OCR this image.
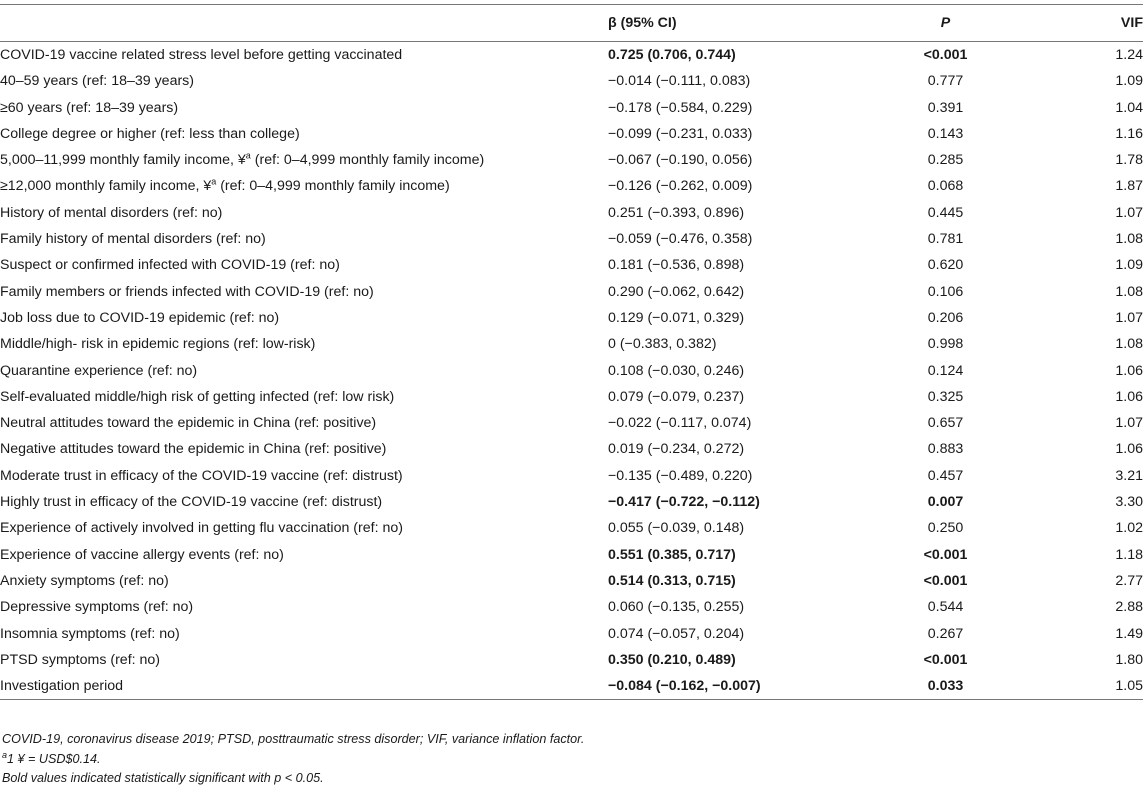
	β (95% CI)	P	VIF
COVID-19 vaccine related stress level before getting vaccinated	0.725 (0.706, 0.744)	<0.001	1.24
40–59 years (ref: 18–39 years)	−0.014 (−0.111, 0.083)	0.777	1.09
≥60 years (ref: 18–39 years)	−0.178 (−0.584, 0.229)	0.391	1.04
College degree or higher (ref: less than college)	−0.099 (−0.231, 0.033)	0.143	1.16
5,000–11,999 monthly family income, ¥$^a$ (ref: 0–4,999 monthly family income)	−0.067 (−0.190, 0.056)	0.285	1.78
≥12,000 monthly family income, ¥$^a$ (ref: 0–4,999 monthly family income)	−0.126 (−0.262, 0.009)	0.068	1.87
History of mental disorders (ref: no)	0.251 (−0.393, 0.896)	0.445	1.07
Family history of mental disorders (ref: no)	−0.059 (−0.476, 0.358)	0.781	1.08
Suspect or confirmed infected with COVID-19 (ref: no)	0.181 (−0.536, 0.898)	0.620	1.09
Family members or friends infected with COVID-19 (ref: no)	0.290 (−0.062, 0.642)	0.106	1.08
Job loss due to COVID-19 epidemic (ref: no)	0.129 (−0.071, 0.329)	0.206	1.07
Middle/high- risk in epidemic regions (ref: low-risk)	0 (−0.383, 0.382)	0.998	1.08
Quarantine experience (ref: no)	0.108 (−0.030, 0.246)	0.124	1.06
Self-evaluated middle/high risk of getting infected (ref: low risk)	0.079 (−0.079, 0.237)	0.325	1.06
Neutral attitudes toward the epidemic in China (ref: positive)	−0.022 (−0.117, 0.074)	0.657	1.07
Negative attitudes toward the epidemic in China (ref: positive)	0.019 (−0.234, 0.272)	0.883	1.06
Moderate trust in efficacy of the COVID-19 vaccine (ref: distrust)	−0.135 (−0.489, 0.220)	0.457	3.21
Highly trust in efficacy of the COVID-19 vaccine (ref: distrust)	−0.417 (−0.722, −0.112)	0.007	3.30
Experience of actively involved in getting flu vaccination (ref: no)	0.055 (−0.039, 0.148)	0.250	1.02
Experience of vaccine allergy events (ref: no)	0.551 (0.385, 0.717)	<0.001	1.18
Anxiety symptoms (ref: no)	0.514 (0.313, 0.715)	<0.001	2.77
Depressive symptoms (ref: no)	0.060 (−0.135, 0.255)	0.544	2.88
Insomnia symptoms (ref: no)	0.074 (−0.057, 0.204)	0.267	1.49
PTSD symptoms (ref: no)	0.350 (0.210, 0.489)	<0.001	1.80
Investigation period	−0.084 (−0.162, −0.007)	0.033	1.05
COVID-19, coronavirus disease 2019; PTSD, posttraumatic stress disorder; VIF, variance inflation factor.
$^a$1 ¥ = USD$0.14.
Bold values indicated statistically significant with p < 0.05.
